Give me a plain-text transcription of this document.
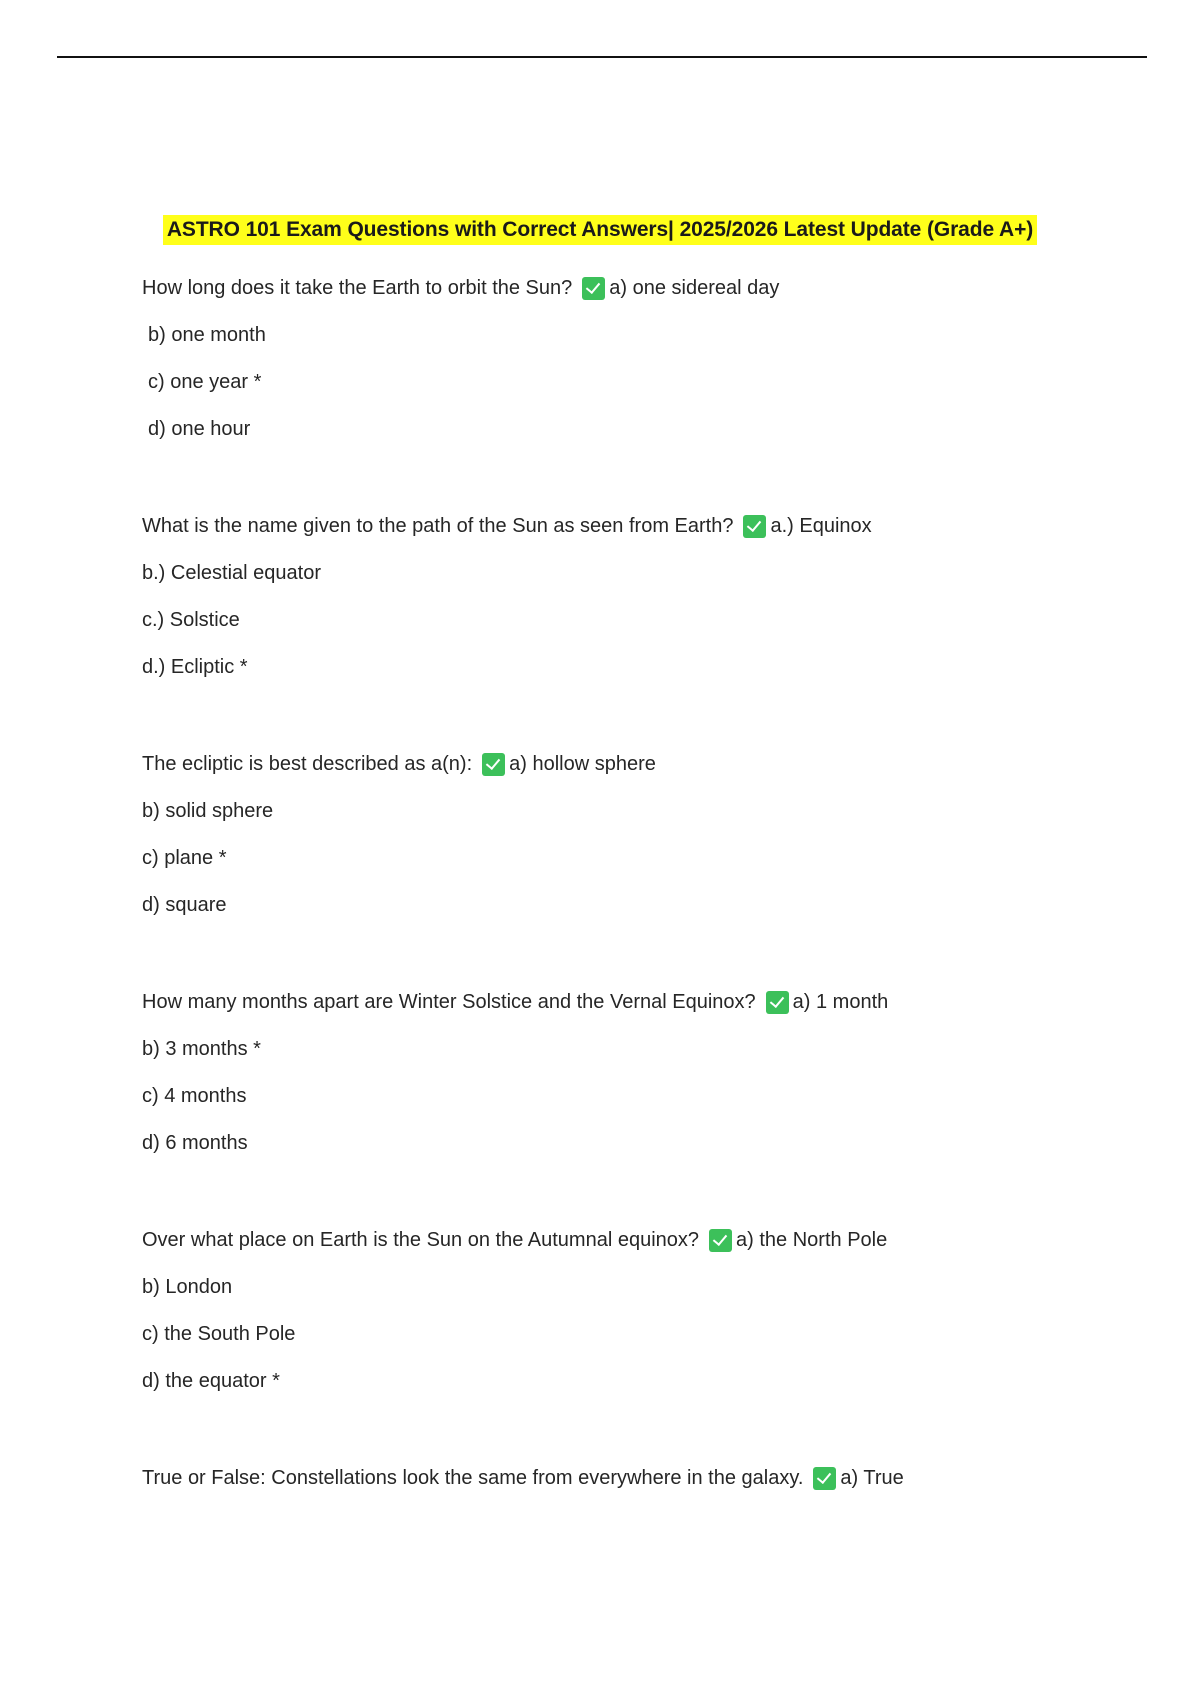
ASTRO 101 Exam Questions with Correct Answers| 2025/2026 Latest Update (Grade A+)
How long does it take the Earth to orbit the Sun? a) one sidereal day
b) one month
c) one year *
d) one hour
What is the name given to the path of the Sun as seen from Earth? a.) Equinox
b.) Celestial equator
c.) Solstice
d.) Ecliptic *
The ecliptic is best described as a(n): a) hollow sphere
b) solid sphere
c) plane *
d) square
How many months apart are Winter Solstice and the Vernal Equinox? a) 1 month
b) 3 months *
c) 4 months
d) 6 months
Over what place on Earth is the Sun on the Autumnal equinox? a) the North Pole
b) London
c) the South Pole
d) the equator *
True or False: Constellations look the same from everywhere in the galaxy. a) True
